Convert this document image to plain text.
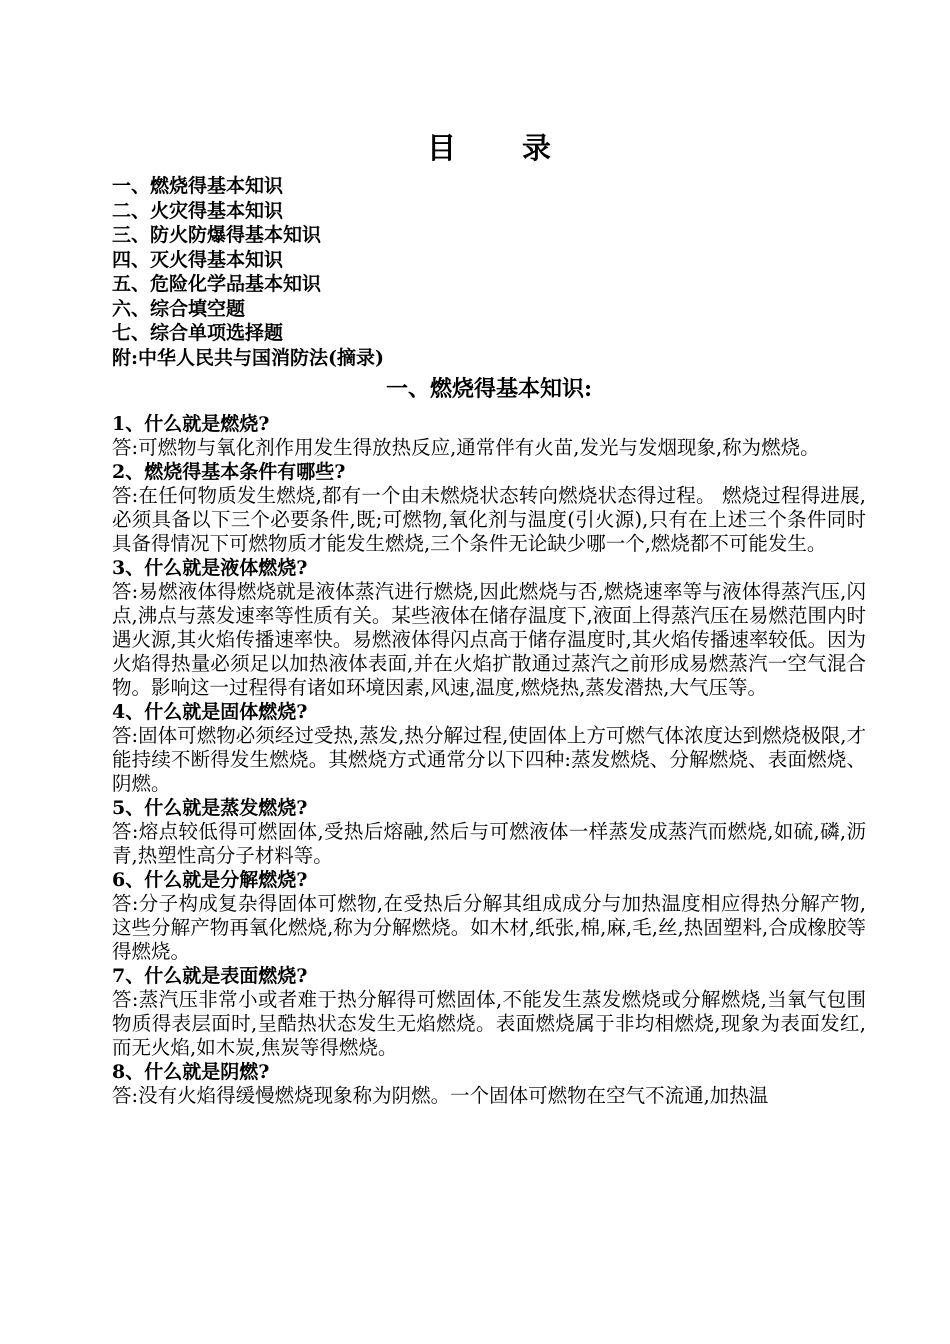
目 录
一、燃烧得基本知识
二、火灾得基本知识
三、防火防爆得基本知识
四、灭火得基本知识
五、危险化学品基本知识
六、综合填空题
七、综合单项选择题
附:中华人民共与国消防法(摘录)
一、燃烧得基本知识:
1、什么就是燃烧?
答:可燃物与氧化剂作用发生得放热反应,通常伴有火苗,发光与发烟现象,称为燃烧。
2、燃烧得基本条件有哪些?
答:在任何物质发生燃烧,都有一个由未燃烧状态转向燃烧状态得过程。 燃烧过程得进展,必须具备以下三个必要条件,既;可燃物,氧化剂与温度(引火源),只有在上述三个条件同时具备得情况下可燃物质才能发生燃烧,三个条件无论缺少哪一个,燃烧都不可能发生。
3、什么就是液体燃烧?
答:易燃液体得燃烧就是液体蒸汽进行燃烧,因此燃烧与否,燃烧速率等与液体得蒸汽压,闪点,沸点与蒸发速率等性质有关。某些液体在储存温度下,液面上得蒸汽压在易燃范围内时遇火源,其火焰传播速率快。易燃液体得闪点高于储存温度时,其火焰传播速率较低。因为火焰得热量必须足以加热液体表面,并在火焰扩散通过蒸汽之前形成易燃蒸汽一空气混合物。影响这一过程得有诸如环境因素,风速,温度,燃烧热,蒸发潜热,大气压等。
4、什么就是固体燃烧?
答:固体可燃物必须经过受热,蒸发,热分解过程,使固体上方可燃气体浓度达到燃烧极限,才能持续不断得发生燃烧。其燃烧方式通常分以下四种:蒸发燃烧、分解燃烧、表面燃烧、阴燃。
5、什么就是蒸发燃烧?
答:熔点较低得可燃固体,受热后熔融,然后与可燃液体一样蒸发成蒸汽而燃烧,如硫,磷,沥青,热塑性高分子材料等。
6、什么就是分解燃烧?
答:分子构成复杂得固体可燃物,在受热后分解其组成成分与加热温度相应得热分解产物,这些分解产物再氧化燃烧,称为分解燃烧。如木材,纸张,棉,麻,毛,丝,热固塑料,合成橡胶等得燃烧。
7、什么就是表面燃烧?
答:蒸汽压非常小或者难于热分解得可燃固体,不能发生蒸发燃烧或分解燃烧,当氧气包围物质得表层面时,呈酷热状态发生无焰燃烧。表面燃烧属于非均相燃烧,现象为表面发红,而无火焰,如木炭,焦炭等得燃烧。
8、什么就是阴燃?
答:没有火焰得缓慢燃烧现象称为阴燃。一个固体可燃物在空气不流通,加热温
